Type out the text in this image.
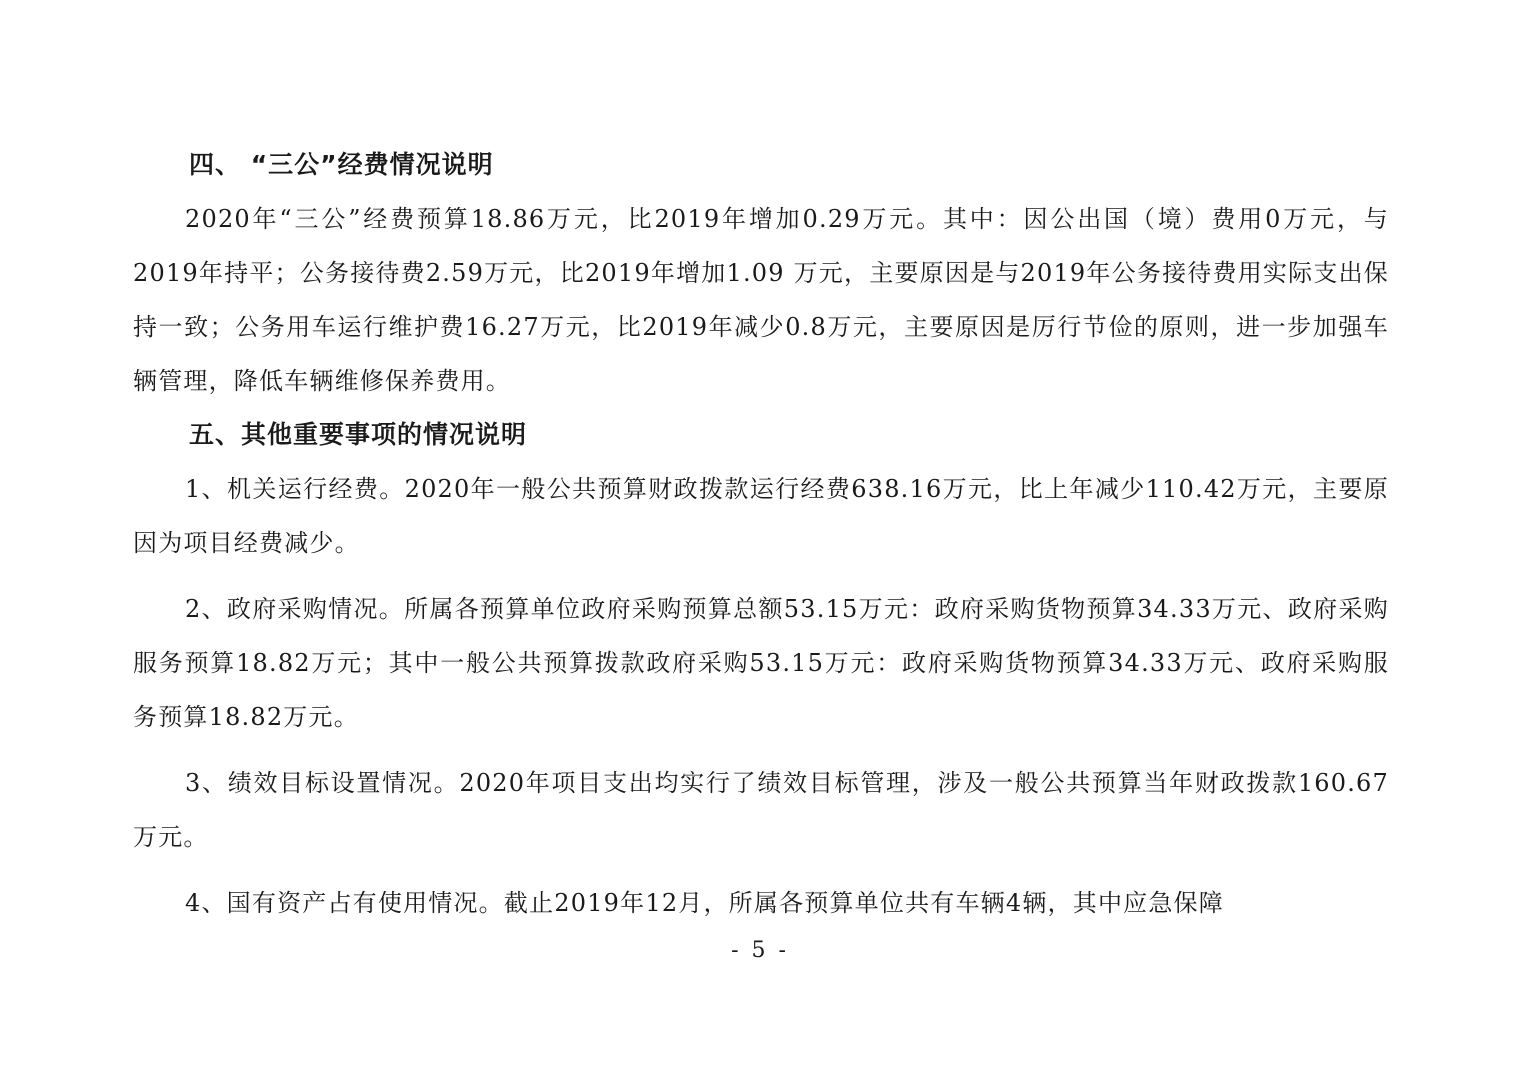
四、 “三公”经费情况说明

2020年“三公”经费预算18.86万元，比2019年增加0.29万元。其中：因公出国（境）费用0万元，与2019年持平；公务接待费2.59万元，比2019年增加1.09 万元，主要原因是与2019年公务接待费用实际支出保持一致；公务用车运行维护费16.27万元，比2019年减少0.8万元，主要原因是厉行节俭的原则，进一步加强车辆管理，降低车辆维修保养费用。

五、其他重要事项的情况说明

1、机关运行经费。2020年一般公共预算财政拨款运行经费638.16万元，比上年减少110.42万元，主要原因为项目经费减少。

2、政府采购情况。所属各预算单位政府采购预算总额53.15万元：政府采购货物预算34.33万元、政府采购服务预算18.82万元；其中一般公共预算拨款政府采购53.15万元：政府采购货物预算34.33万元、政府采购服务预算18.82万元。

3、绩效目标设置情况。2020年项目支出均实行了绩效目标管理，涉及一般公共预算当年财政拨款160.67万元。

4、国有资产占有使用情况。截止2019年12月，所属各预算单位共有车辆4辆，其中应急保障

- 5 -
